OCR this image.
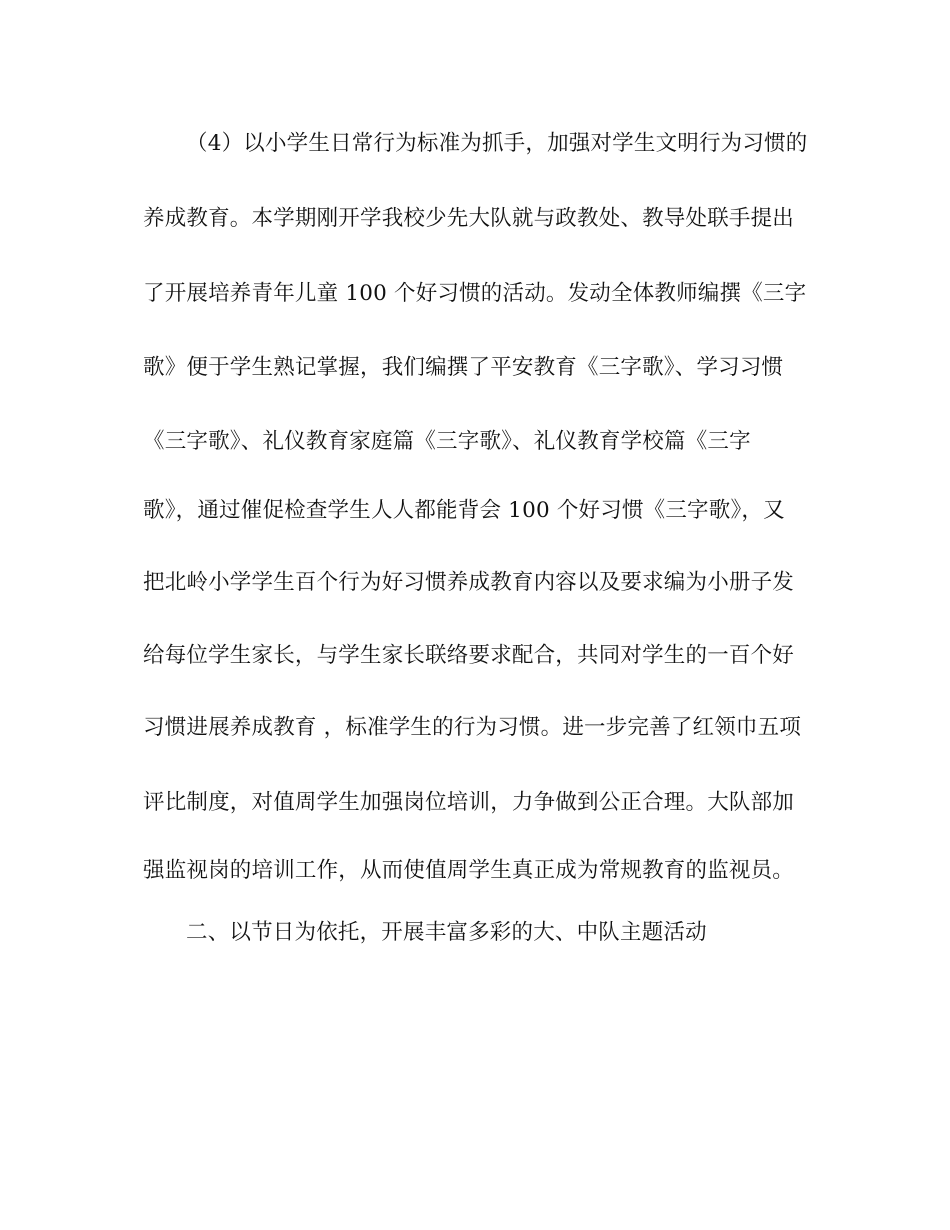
（4）以小学生日常行为标准为抓手，加强对学生文明行为习惯的
养成教育。本学期刚开学我校少先大队就与政教处、教导处联手提出
了开展培养青年儿童 100 个好习惯的活动。发动全体教师编撰《三字
歌》便于学生熟记掌握，我们编撰了平安教育《三字歌》、学习习惯
《三字歌》、礼仪教育家庭篇《三字歌》、礼仪教育学校篇《三字
歌》，通过催促检查学生人人都能背会 100 个好习惯《三字歌》，又
把北岭小学学生百个行为好习惯养成教育内容以及要求编为小册子发
给每位学生家长，与学生家长联络要求配合，共同对学生的一百个好
习惯进展养成教育 ，标准学生的行为习惯。进一步完善了红领巾五项
评比制度，对值周学生加强岗位培训，力争做到公正合理。大队部加
强监视岗的培训工作，从而使值周学生真正成为常规教育的监视员。
二、以节日为依托，开展丰富多彩的大、中队主题活动
